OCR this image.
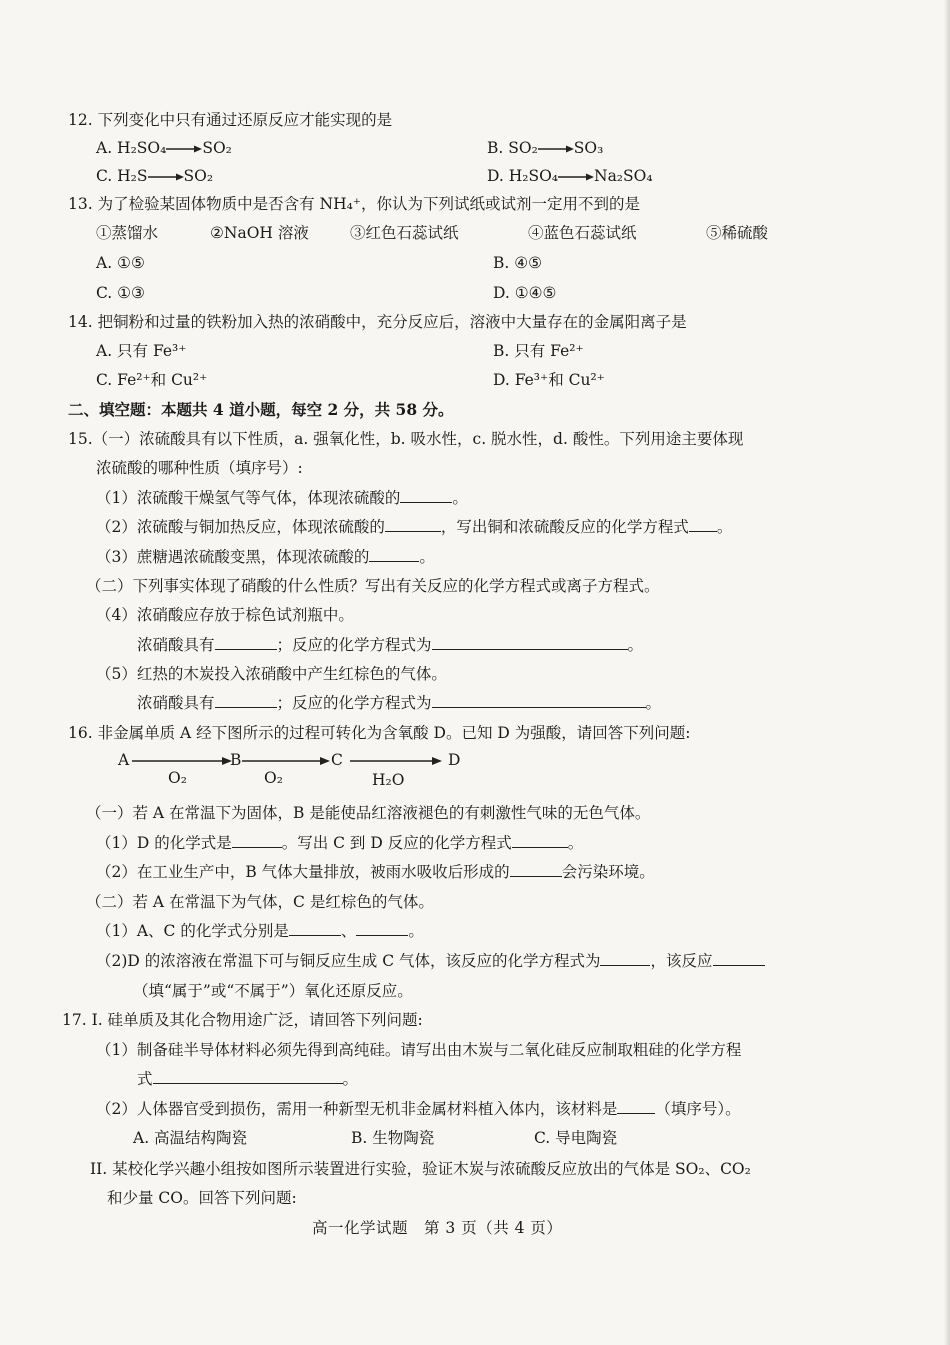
12. 下列变化中只有通过还原反应才能实现的是
A. H₂SO₄ SO₂	B. SO₂ SO₃
C. H₂S SO₂	D. H₂SO₄ Na₂SO₄
13. 为了检验某固体物质中是否含有 NH₄⁺，你认为下列试纸或试剂一定用不到的是
①蒸馏水	②NaOH 溶液	③红色石蕊试纸	④蓝色石蕊试纸	⑤稀硫酸
A. ①⑤	B. ④⑤
C. ①③	D. ①④⑤
14. 把铜粉和过量的铁粉加入热的浓硝酸中，充分反应后，溶液中大量存在的金属阳离子是
A. 只有 Fe³⁺	B. 只有 Fe²⁺
C. Fe²⁺和 Cu²⁺	D. Fe³⁺和 Cu²⁺
二、填空题：本题共 4 道小题，每空 2 分，共 58 分。
15.（一）浓硫酸具有以下性质，a. 强氧化性，b. 吸水性，c. 脱水性，d. 酸性。下列用途主要体现
浓硫酸的哪种性质（填序号）:
（1）浓硫酸干燥氢气等气体，体现浓硫酸的	。
（2）浓硫酸与铜加热反应，体现浓硫酸的	，写出铜和浓硫酸反应的化学方程式 。
（3）蔗糖遇浓硫酸变黑，体现浓硫酸的	。
（二）下列事实体现了硝酸的什么性质？写出有关反应的化学方程式或离子方程式。
（4）浓硝酸应存放于棕色试剂瓶中。
浓硝酸具有	；反应的化学方程式为	。
（5）红热的木炭投入浓硝酸中产生红棕色的气体。
浓硝酸具有	；反应的化学方程式为	。
16. 非金属单质 A 经下图所示的过程可转化为含氧酸 D。已知 D 为强酸，请回答下列问题:
A
O₂
B
O₂
C
H₂O
D
（一）若 A 在常温下为固体，B 是能使品红溶液褪色的有刺激性气味的无色气体。
（1）D 的化学式是	。写出 C 到 D 反应的化学方程式	。
（2）在工业生产中，B 气体大量排放，被雨水吸收后形成的	会污染环境。
（二）若 A 在常温下为气体，C 是红棕色的气体。
（1）A、C 的化学式分别是	、	。
（2)D 的浓溶液在常温下可与铜反应生成 C 气体，该反应的化学方程式为	，该反应
（填“属于”或“不属于”）氧化还原反应。
17. I. 硅单质及其化合物用途广泛，请回答下列问题:
（1）制备硅半导体材料必须先得到高纯硅。请写出由木炭与二氧化硅反应制取粗硅的化学方程
式	。
（2）人体器官受到损伤，需用一种新型无机非金属材料植入体内，该材料是 （填序号）。
A. 高温结构陶瓷	B. 生物陶瓷	C. 导电陶瓷
II. 某校化学兴趣小组按如图所示装置进行实验，验证木炭与浓硫酸反应放出的气体是 SO₂、CO₂
和少量 CO。回答下列问题:
高一化学试题　第 3 页（共 4 页）
